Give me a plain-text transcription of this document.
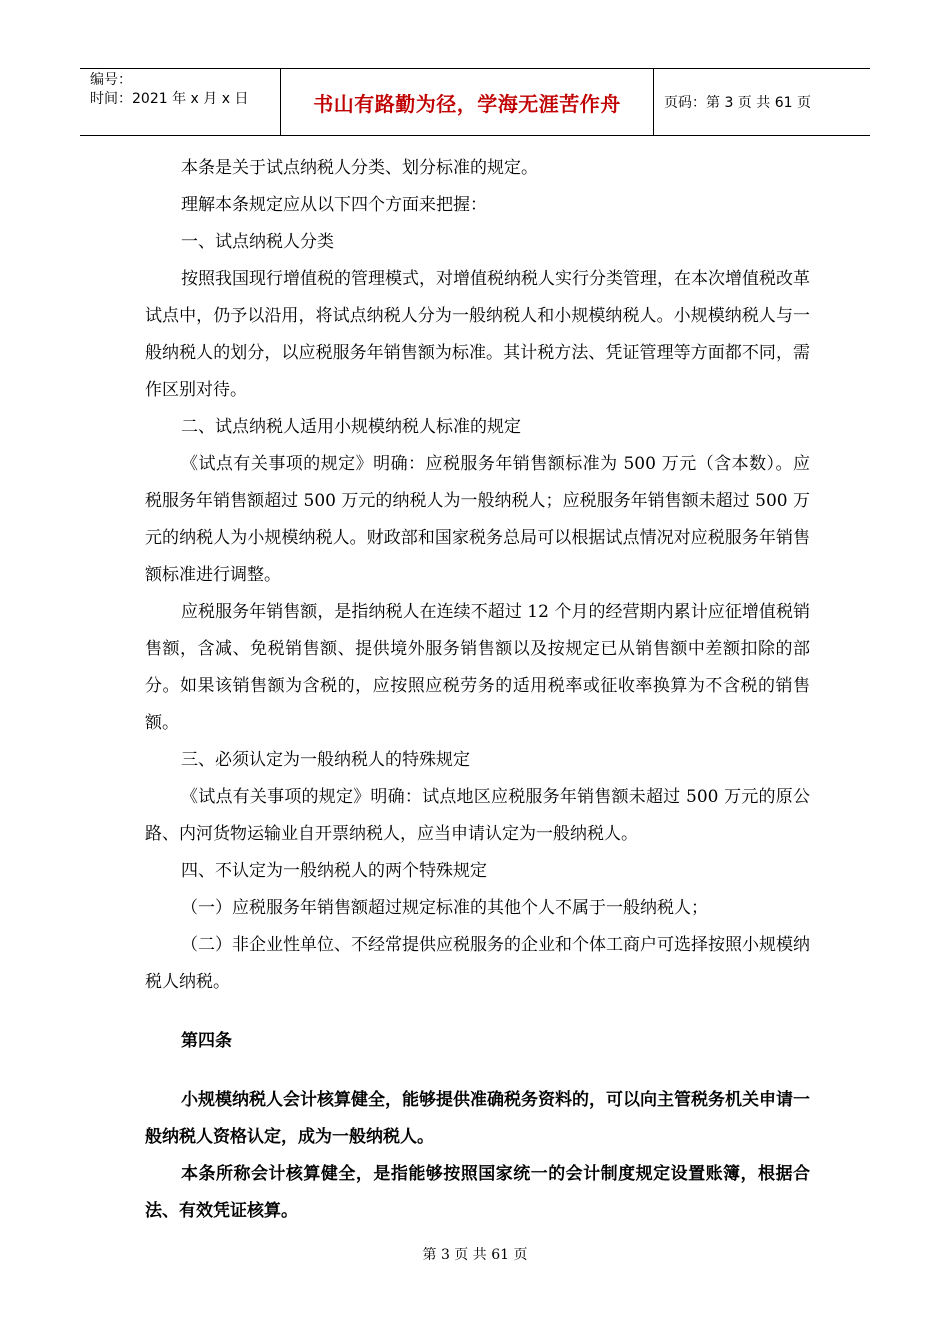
编号：
时间：2021 年 x 月 x 日	书山有路勤为径，学海无涯苦作舟	页码：第 3 页 共 61 页

本条是关于试点纳税人分类、划分标准的规定。

理解本条规定应从以下四个方面来把握：

一、试点纳税人分类

按照我国现行增值税的管理模式，对增值税纳税人实行分类管理，在本次增值税改革试点中，仍予以沿用，将试点纳税人分为一般纳税人和小规模纳税人。小规模纳税人与一般纳税人的划分，以应税服务年销售额为标准。其计税方法、凭证管理等方面都不同，需作区别对待。

二、试点纳税人适用小规模纳税人标准的规定

《试点有关事项的规定》明确：应税服务年销售额标准为 500 万元（含本数）。应税服务年销售额超过 500 万元的纳税人为一般纳税人；应税服务年销售额未超过 500 万元的纳税人为小规模纳税人。财政部和国家税务总局可以根据试点情况对应税服务年销售额标准进行调整。

应税服务年销售额，是指纳税人在连续不超过 12 个月的经营期内累计应征增值税销售额，含减、免税销售额、提供境外服务销售额以及按规定已从销售额中差额扣除的部分。如果该销售额为含税的，应按照应税劳务的适用税率或征收率换算为不含税的销售额。

三、必须认定为一般纳税人的特殊规定

《试点有关事项的规定》明确：试点地区应税服务年销售额未超过 500 万元的原公路、内河货物运输业自开票纳税人，应当申请认定为一般纳税人。

四、不认定为一般纳税人的两个特殊规定

（一）应税服务年销售额超过规定标准的其他个人不属于一般纳税人；

（二）非企业性单位、不经常提供应税服务的企业和个体工商户可选择按照小规模纳税人纳税。

第四条

小规模纳税人会计核算健全，能够提供准确税务资料的，可以向主管税务机关申请一般纳税人资格认定，成为一般纳税人。

本条所称会计核算健全，是指能够按照国家统一的会计制度规定设置账簿，根据合法、有效凭证核算。

第 3 页 共 61 页
